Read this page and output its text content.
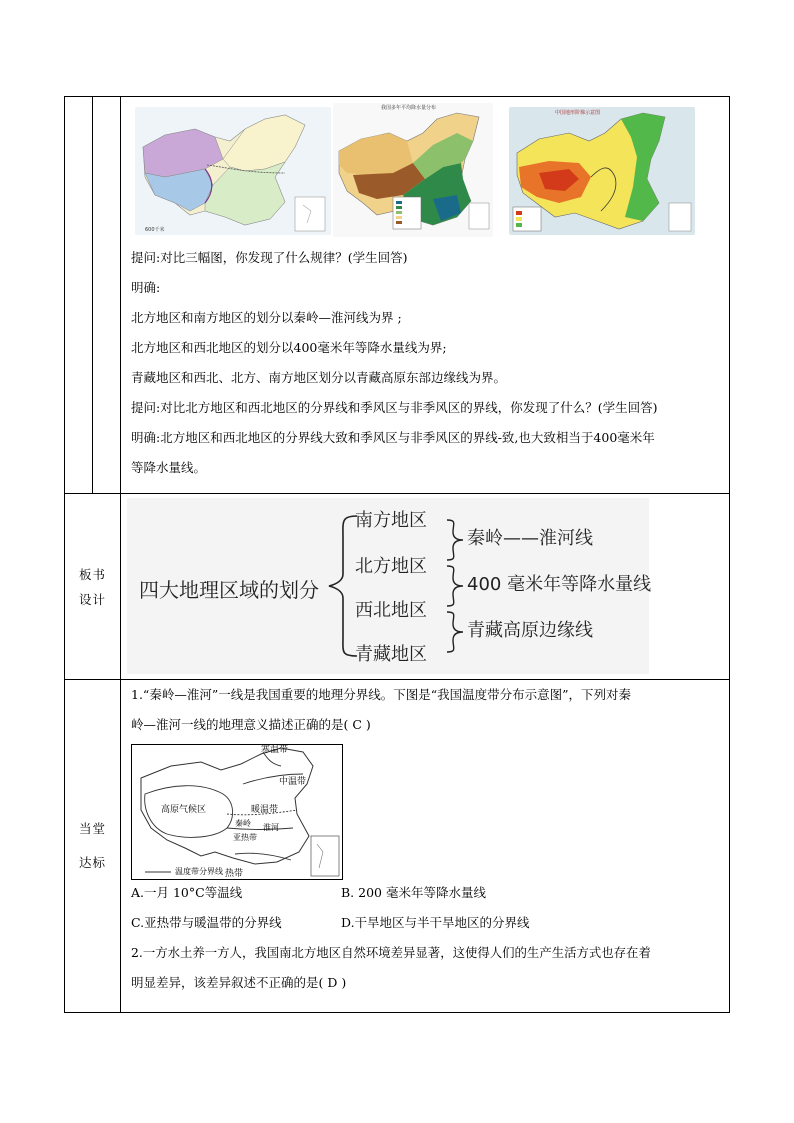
600千米
我国多年平均降水量分布
中国地形阶梯示意图

提问:对比三幅图，你发现了什么规律？(学生回答)

明确:

北方地区和南方地区的划分以秦岭—淮河线为界 ;

北方地区和西北地区的划分以400毫米年等降水量线为界;

青藏地区和西北、北方、南方地区划分以青藏高原东部边缘线为界。

提问:对比北方地区和西北地区的分界线和季风区与非季风区的界线，你发现了什么？(学生回答)

明确:北方地区和西北地区的分界线大致和季风区与非季风区的界线-致,也大致相当于400毫米年

等降水量线。

板书
设计 四大地理区域的划分
南方地区
北方地区
西北地区
青藏地区
秦岭——淮河线
400 毫米年等降水量线
青藏高原边缘线
当堂
达标

1.“秦岭—淮河”一线是我国重要的地理分界线。下图是“我国温度带分布示意图”，下列对秦

岭—淮河一线的地理意义描述正确的是( C )

寒温带
中温带
高原气候区	暖温带
秦岭 淮河
亚热带
温度带分界线 热带

A.一月 10°C等温线	B. 200 毫米年等降水量线

C.亚热带与暖温带的分界线	D.干旱地区与半干旱地区的分界线

2.一方水土养一方人，我国南北方地区自然环境差异显著，这使得人们的生产生活方式也存在着

明显差异，该差异叙述不正确的是( D )
